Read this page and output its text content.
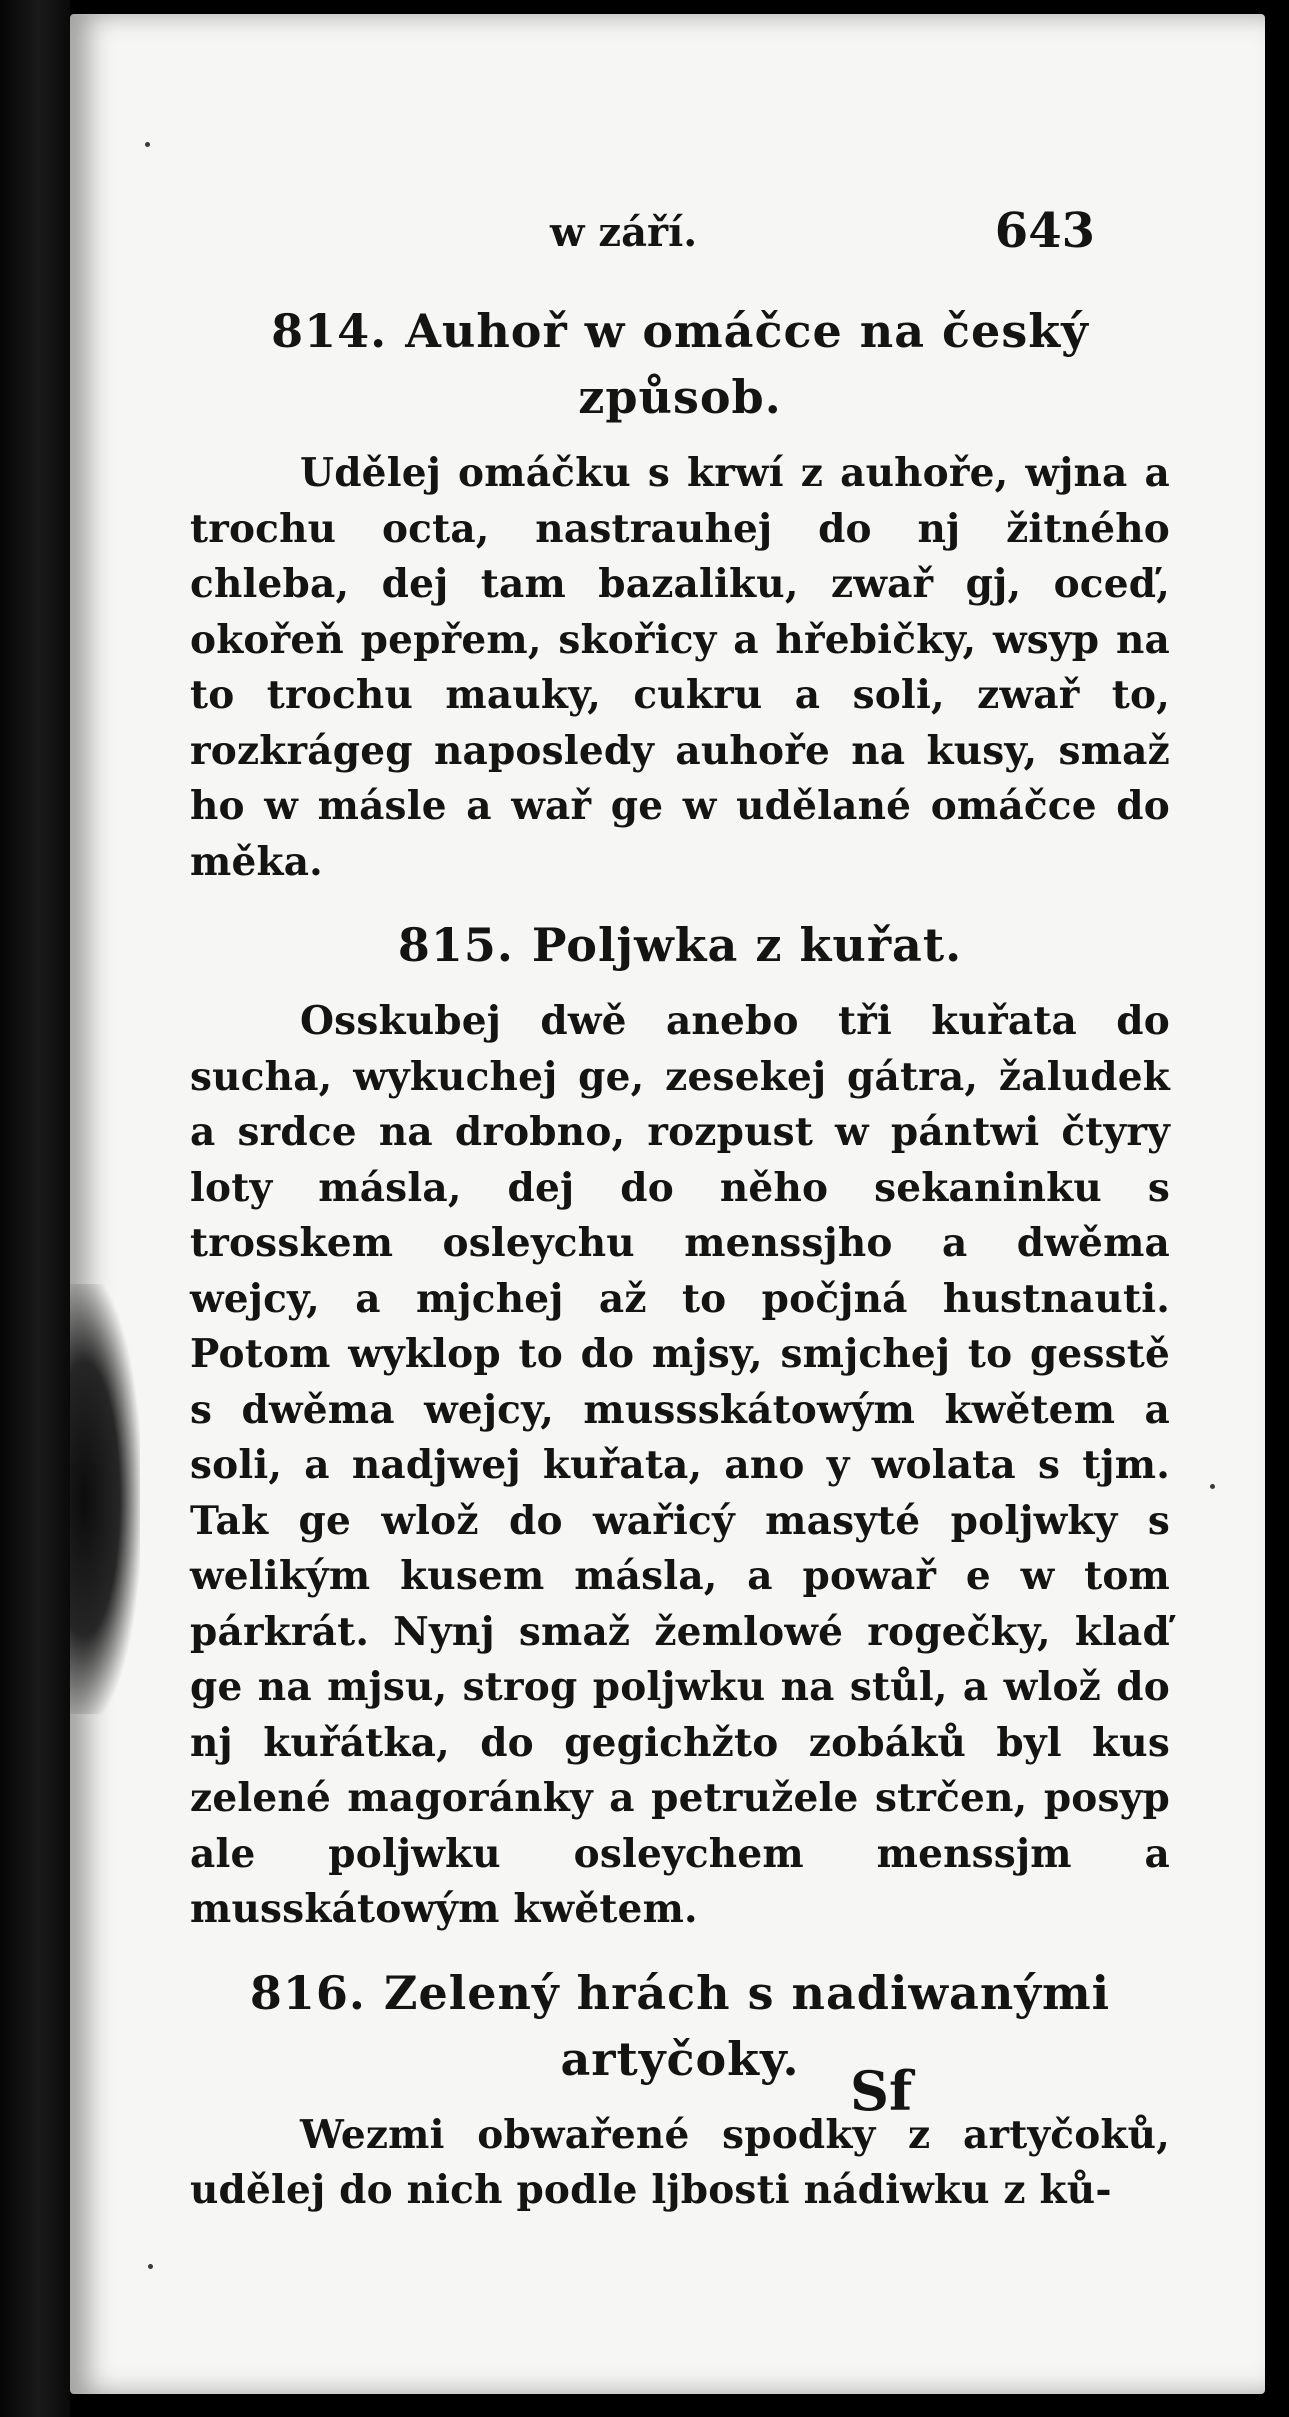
w září.	643
814. Auhoř w omáčce na český způsob.

Udělej omáčku s krwí z auhoře, wjna a trochu octa, nastrauhej do nj žitného chleba, dej tam bazaliku, zwař gj, oceď, okořeň pepřem, skořicy a hřebičky, wsyp na to trochu mauky, cukru a soli, zwař to, rozkrágeg naposledy auhoře na kusy, smaž ho w másle a wař ge w udělané omáčce do měka.

815. Poljwka z kuřat.

Osskubej dwě anebo tři kuřata do sucha, wykuchej ge, zesekej gátra, žaludek a srdce na drobno, rozpust w pántwi čtyry loty másla, dej do něho sekaninku s trosskem osleychu menssjho a dwěma wejcy, a mjchej až to počjná hustnauti. Potom wyklop to do mjsy, smjchej to gesstě s dwěma wejcy, mussskátowým kwětem a soli, a nadjwej kuřata, ano y wolata s tjm. Tak ge wlož do wařicý masyté poljwky s welikým kusem másla, a powař e w tom párkrát. Nynj smaž žemlowé rogečky, klaď ge na mjsu, strog poljwku na stůl, a wlož do nj kuřátka, do gegichžto zobáků byl kus zelené magoránky a petružele strčen, posyp ale poljwku osleychem menssjm a musskátowým kwětem.

816. Zelený hrách s nadiwanými artyčoky.

Wezmi obwařené spodky z artyčoků, udělej do nich podle ljbosti nádiwku z ků-

Sf
